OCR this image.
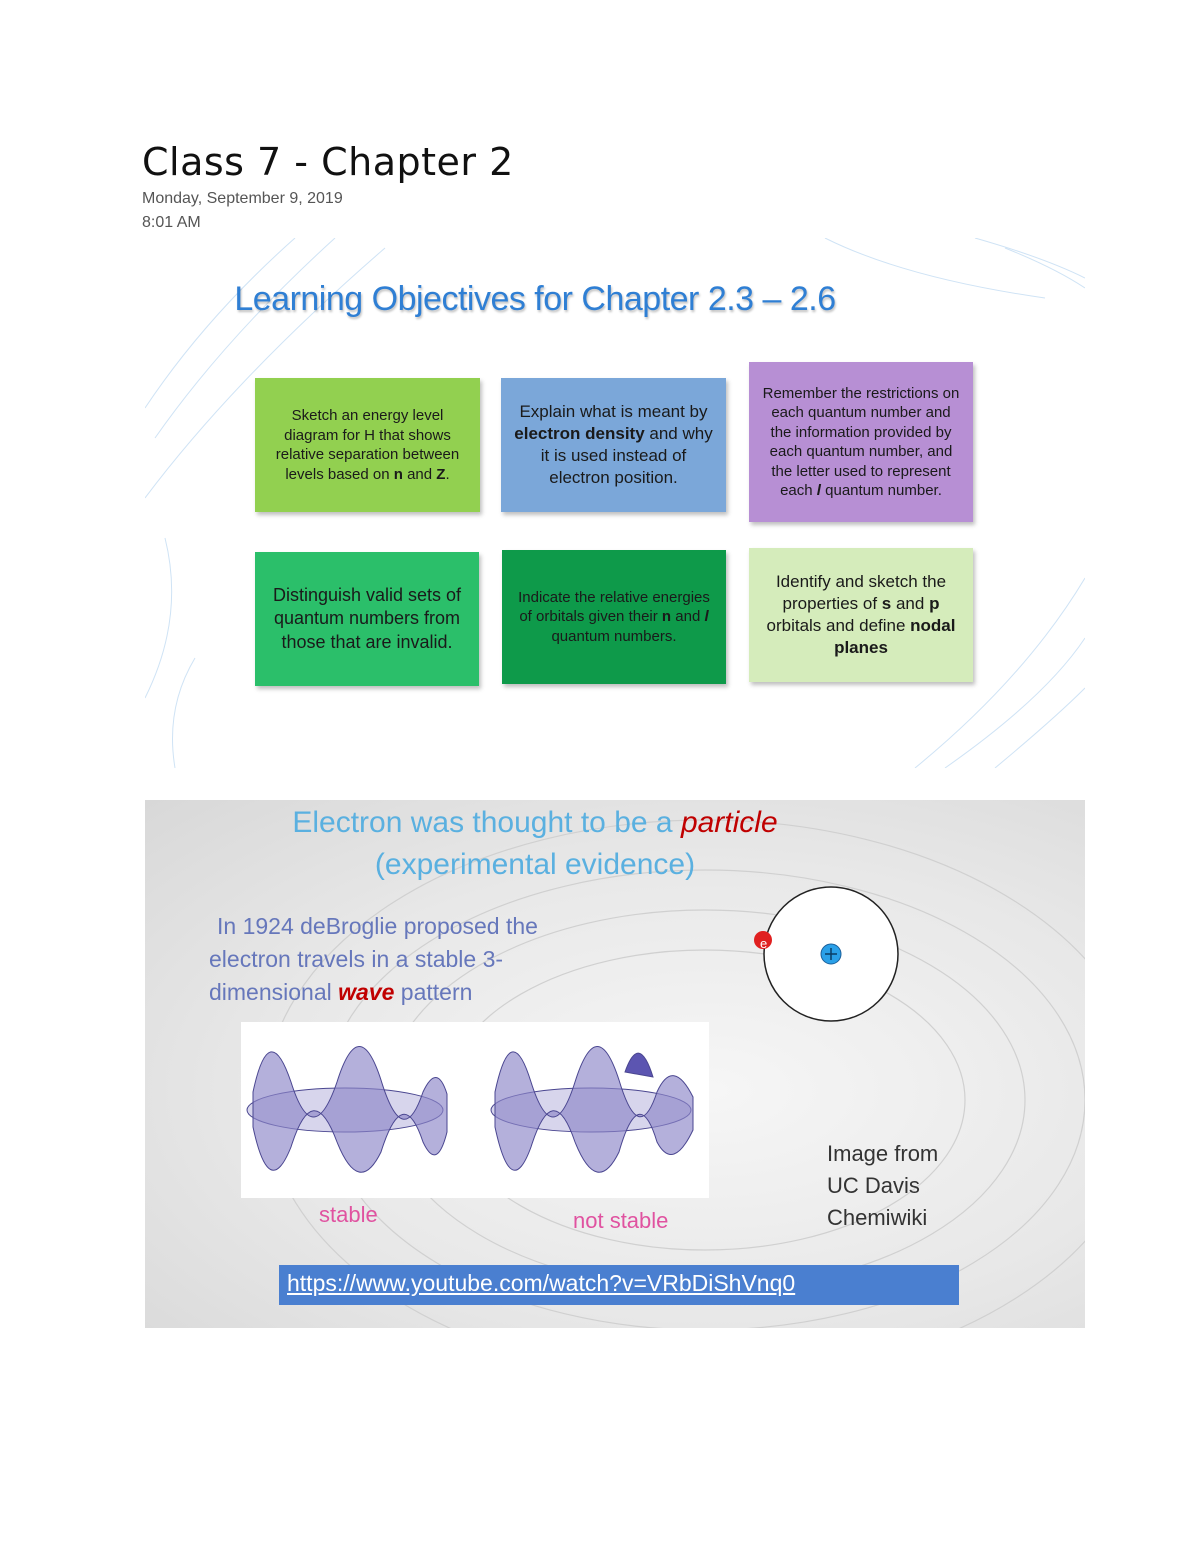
Class 7 - Chapter 2
Monday, September 9, 2019
8:01 AM
Learning Objectives for Chapter 2.3 – 2.6
Sketch an energy level diagram for H that shows relative separation between levels based on n and Z.
Explain what is meant by electron density and why it is used instead of electron position.
Remember the restrictions on each quantum number and the information provided by each quantum number, and the letter used to represent each l quantum number.
Distinguish valid sets of quantum numbers from those that are invalid.
Indicate the relative energies of orbitals given their n and l quantum numbers.
Identify and sketch the properties of s and p orbitals and define nodal planes
Electron was thought to be a particle
(experimental evidence)
In 1924 deBroglie proposed the
electron travels in a stable 3-
dimensional wave pattern
e
stable	not stable
Image from
UC Davis
Chemiwiki
https://www.youtube.com/watch?v=VRbDiShVnq0
